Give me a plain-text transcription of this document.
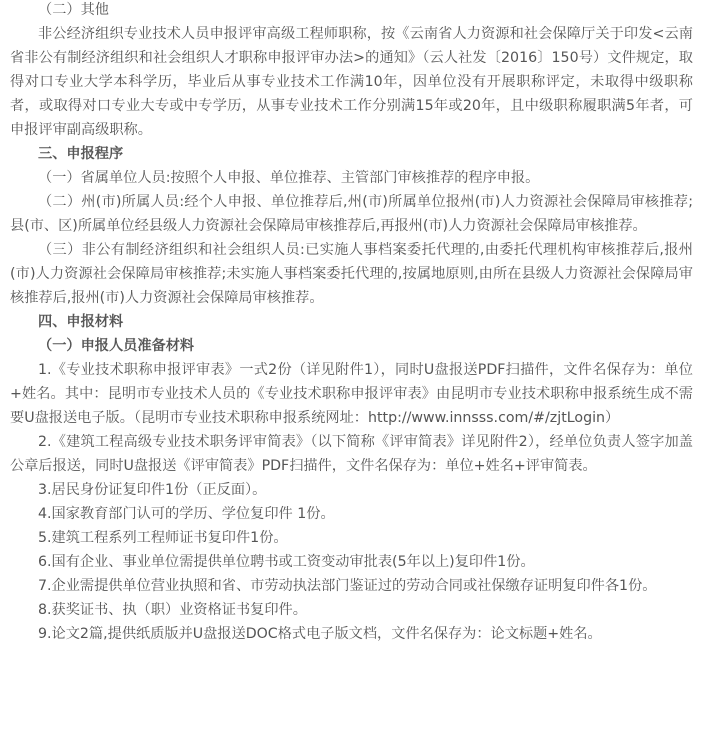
（二）其他

非公经济组织专业技术人员申报评审高级工程师职称，按《云南省人力资源和社会保障厅关于印发<云南省非公有制经济组织和社会组织人才职称申报评审办法>的通知》（云人社发〔2016〕150号）文件规定，取得对口专业大学本科学历，毕业后从事专业技术工作满10年，因单位没有开展职称评定，未取得中级职称者，或取得对口专业大专或中专学历，从事专业技术工作分别满15年或20年，且中级职称履职满5年者，可申报评审副高级职称。

三、申报程序

（一）省属单位人员:按照个人申报、单位推荐、主管部门审核推荐的程序申报。

（二）州(市)所属人员:经个人申报、单位推荐后,州(市)所属单位报州(市)人力资源社会保障局审核推荐;县(市、区)所属单位经县级人力资源社会保障局审核推荐后,再报州(市)人力资源社会保障局审核推荐。

（三）非公有制经济组织和社会组织人员:已实施人事档案委托代理的,由委托代理机构审核推荐后,报州(市)人力资源社会保障局审核推荐;未实施人事档案委托代理的,按属地原则,由所在县级人力资源社会保障局审核推荐后,报州(市)人力资源社会保障局审核推荐。

四、申报材料

（一）申报人员准备材料

1.《专业技术职称申报评审表》一式2份（详见附件1），同时U盘报送PDF扫描件，文件名保存为：单位+姓名。其中：昆明市专业技术人员的《专业技术职称申报评审表》由昆明市专业技术职称申报系统生成不需要U盘报送电子版。（昆明市专业技术职称申报系统网址：http://www.innsss.com/#/zjtLogin）

2.《建筑工程高级专业技术职务评审简表》（以下简称《评审简表》详见附件2），经单位负责人签字加盖公章后报送，同时U盘报送《评审简表》PDF扫描件，文件名保存为：单位+姓名+评审简表。

3.居民身份证复印件1份（正反面）。

4.国家教育部门认可的学历、学位复印件 1份。

5.建筑工程系列工程师证书复印件1份。

6.国有企业、事业单位需提供单位聘书或工资变动审批表(5年以上)复印件1份。

7.企业需提供单位营业执照和省、市劳动执法部门鉴证过的劳动合同或社保缴存证明复印件各1份。

8.获奖证书、执（职）业资格证书复印件。

9.论文2篇,提供纸质版并U盘报送DOC格式电子版文档，文件名保存为：论文标题+姓名。
